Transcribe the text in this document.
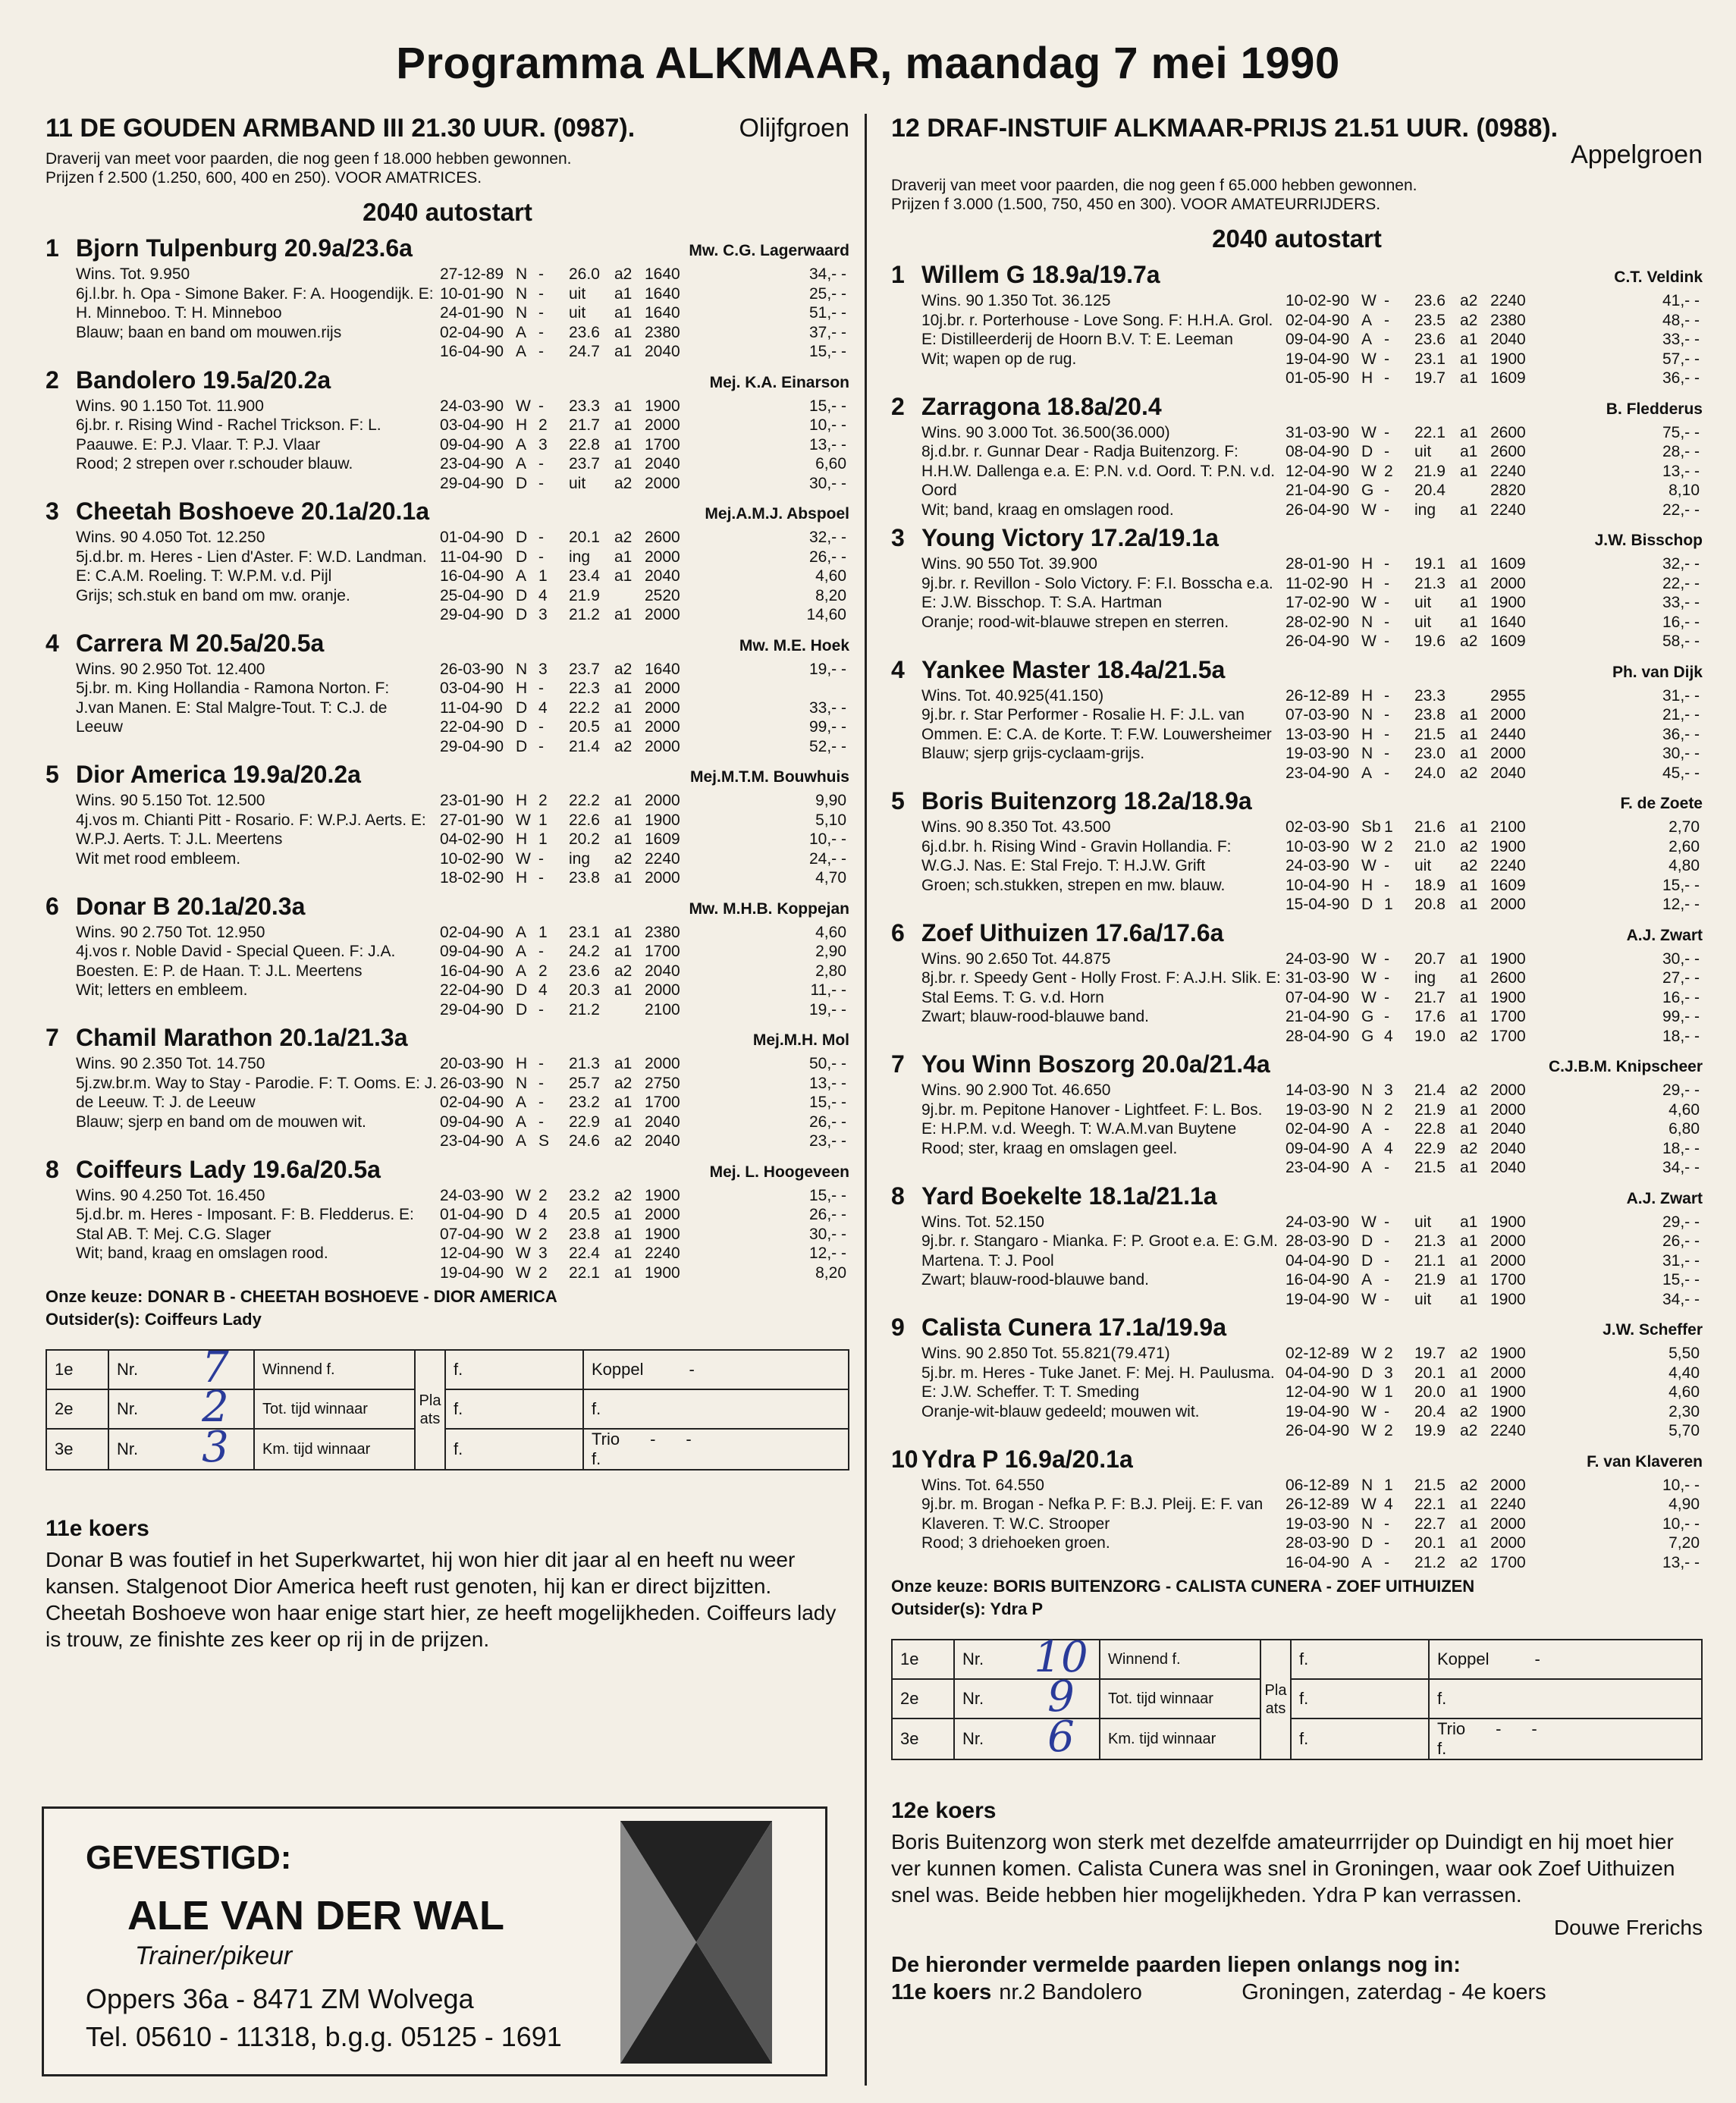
Programma ALKMAAR, maandag 7 mei 1990
11 DE GOUDEN ARMBAND III 21.30 UUR. (0987).	Olijfgroen
Draverij van meet voor paarden, die nog geen f 18.000 hebben gewonnen.
Prijzen f 2.500 (1.250, 600, 400 en 250). VOOR AMATRICES.
2040 autostart
1 Bjorn Tulpenburg 20.9a/23.6a	Mw. C.G. Lagerwaard
Wins. Tot. 9.950
6j.l.br. h. Opa - Simone Baker. F: A. Hoogendijk. E:
H. Minneboo. T: H. Minneboo
Blauw; baan en band om mouwen.rijs
27-12-89 N -	26.0 a2 1640	34,- -
10-01-90 N -	uit	a1 1640	25,- -
24-01-90 N -	uit	a1 1640	51,- -
02-04-90 A -	23.6 a1 2380	37,- -
16-04-90 A -	24.7 a1 2040	15,- -
2 Bandolero 19.5a/20.2a	Mej. K.A. Einarson
Wins. 90 1.150 Tot. 11.900
6j.br. r. Rising Wind - Rachel Trickson. F: L.
Paauwe. E: P.J. Vlaar. T: P.J. Vlaar
Rood; 2 strepen over r.schouder blauw.
24-03-90 W -	23.3 a1 1900	15,- -
03-04-90 H 2	21.7 a1 2000	10,- -
09-04-90 A 3	22.8 a1 1700	13,- -
23-04-90 A -	23.7 a1 2040	6,60
29-04-90 D -	uit	a2 2000	30,- -
3 Cheetah Boshoeve 20.1a/20.1a	Mej.A.M.J. Abspoel
Wins. 90 4.050 Tot. 12.250
5j.d.br. m. Heres - Lien d'Aster. F: W.D. Landman.
E: C.A.M. Roeling. T: W.P.M. v.d. Pijl
Grijs; sch.stuk en band om mw. oranje.
01-04-90 D -	20.1 a2 2600	32,- -
11-04-90 D -	ing	a1 2000	26,- -
16-04-90 A 1	23.4 a1 2040	4,60
25-04-90 D 4	21.9	2520	8,20
29-04-90 D 3	21.2 a1 2000	14,60
4 Carrera M 20.5a/20.5a	Mw. M.E. Hoek
Wins. 90 2.950 Tot. 12.400
5j.br. m. King Hollandia - Ramona Norton. F:
J.van Manen. E: Stal Malgre-Tout. T: C.J. de
Leeuw
26-03-90 N 3	23.7 a2 1640	19,- -
03-04-90 H -	22.3 a1 2000
11-04-90 D 4	22.2 a1 2000	33,- -
22-04-90 D -	20.5 a1 2000	99,- -
29-04-90 D -	21.4 a2 2000	52,- -
5 Dior America 19.9a/20.2a	Mej.M.T.M. Bouwhuis
Wins. 90 5.150 Tot. 12.500
4j.vos m. Chianti Pitt - Rosario. F: W.P.J. Aerts. E:
W.P.J. Aerts. T: J.L. Meertens
Wit met rood embleem.
23-01-90 H 2	22.2 a1 2000	9,90
27-01-90 W 1	22.6 a1 1900	5,10
04-02-90 H 1	20.2 a1 1609	10,- -
10-02-90 W -	ing	a2 2240	24,- -
18-02-90 H -	23.8 a1 2000	4,70
6 Donar B 20.1a/20.3a	Mw. M.H.B. Koppejan
Wins. 90 2.750 Tot. 12.950
4j.vos r. Noble David - Special Queen. F: J.A.
Boesten. E: P. de Haan. T: J.L. Meertens
Wit; letters en embleem.
02-04-90 A 1	23.1 a1 2380	4,60
09-04-90 A -	24.2 a1 1700	2,90
16-04-90 A 2	23.6 a2 2040	2,80
22-04-90 D 4	20.3 a1 2000	11,- -
29-04-90 D -	21.2	2100	19,- -
7 Chamil Marathon 20.1a/21.3a	Mej.M.H. Mol
Wins. 90 2.350 Tot. 14.750
5j.zw.br.m. Way to Stay - Parodie. F: T. Ooms. E: J.
de Leeuw. T: J. de Leeuw
Blauw; sjerp en band om de mouwen wit.
20-03-90 H -	21.3 a1 2000	50,- -
26-03-90 N -	25.7 a2 2750	13,- -
02-04-90 A -	23.2 a1 1700	15,- -
09-04-90 A -	22.9 a1 2040	26,- -
23-04-90 A S	24.6 a2 2040	23,- -
8 Coiffeurs Lady 19.6a/20.5a	Mej. L. Hoogeveen
Wins. 90 4.250 Tot. 16.450
5j.d.br. m. Heres - Imposant. F: B. Fledderus. E:
Stal AB. T: Mej. C.G. Slager
Wit; band, kraag en omslagen rood.
24-03-90 W 2	23.2 a2 1900	15,- -
01-04-90 D 4	20.5 a1 2000	26,- -
07-04-90 W 2	23.8 a1 1900	30,- -
12-04-90 W 3	22.4 a1 2240	12,- -
19-04-90 W 2	22.1 a1 1900	8,20
Onze keuze: DONAR B - CHEETAH BOSHOEVE - DIOR AMERICA
Outsider(s): Coiffeurs Lady
1e	Nr.	7	Winnend f.	Plaats	f.	Koppel -
2e	Nr.	2	Tot. tijd winnaar		f.	f.
3e	Nr.	3	Km. tijd winnaar		f.	Trio - -
f.
11e koers

Donar B was foutief in het Superkwartet, hij won hier dit jaar al en heeft nu weer kansen. Stalgenoot Dior America heeft rust genoten, hij kan er direct bijzitten. Cheetah Boshoeve won haar enige start hier, ze heeft mogelijkheden. Coiffeurs lady is trouw, ze finishte zes keer op rij in de prijzen.

12 DRAF-INSTUIF ALKMAAR-PRIJS 21.51 UUR. (0988).
Appelgroen
Draverij van meet voor paarden, die nog geen f 65.000 hebben gewonnen.
Prijzen f 3.000 (1.500, 750, 450 en 300). VOOR AMATEURRIJDERS.
2040 autostart
1 Willem G 18.9a/19.7a	C.T. Veldink
Wins. 90 1.350 Tot. 36.125
10j.br. r. Porterhouse - Love Song. F: H.H.A. Grol.
E: Distilleerderij de Hoorn B.V. T: E. Leeman
Wit; wapen op de rug.
10-02-90 W -	23.6 a2 2240	41,- -
02-04-90 A -	23.5 a2 2380	48,- -
09-04-90 A -	23.6 a1 2040	33,- -
19-04-90 W -	23.1 a1 1900	57,- -
01-05-90 H -	19.7 a1 1609	36,- -
2 Zarragona 18.8a/20.4	B. Fledderus
Wins. 90 3.000 Tot. 36.500(36.000)
8j.d.br. r. Gunnar Dear - Radja Buitenzorg. F:
H.H.W. Dallenga e.a. E: P.N. v.d. Oord. T: P.N. v.d.
Oord
Wit; band, kraag en omslagen rood.
31-03-90 W -	22.1 a1 2600	75,- -
08-04-90 D -	uit	a1 2600	28,- -
12-04-90 W 2	21.9 a1 2240	13,- -
21-04-90 G -	20.4	2820	8,10
26-04-90 W -	ing	a1 2240	22,- -
3 Young Victory 17.2a/19.1a	J.W. Bisschop
Wins. 90 550 Tot. 39.900
9j.br. r. Revillon - Solo Victory. F: F.I. Bosscha e.a.
E: J.W. Bisschop. T: S.A. Hartman
Oranje; rood-wit-blauwe strepen en sterren.
28-01-90 H -	19.1 a1 1609	32,- -
11-02-90 H -	21.3 a1 2000	22,- -
17-02-90 W -	uit	a1 1900	33,- -
28-02-90 N -	uit	a1 1640	16,- -
26-04-90 W -	19.6 a2 1609	58,- -
4 Yankee Master 18.4a/21.5a	Ph. van Dijk
Wins. Tot. 40.925(41.150)
9j.br. r. Star Performer - Rosalie H. F: J.L. van
Ommen. E: C.A. de Korte. T: F.W. Louwersheimer
Blauw; sjerp grijs-cyclaam-grijs.
26-12-89 H -	23.3	2955	31,- -
07-03-90 N -	23.8 a1 2000	21,- -
13-03-90 H -	21.5 a1 2440	36,- -
19-03-90 N -	23.0 a1 2000	30,- -
23-04-90 A -	24.0 a2 2040	45,- -
5 Boris Buitenzorg 18.2a/18.9a	F. de Zoete
Wins. 90 8.350 Tot. 43.500
6j.d.br. h. Rising Wind - Gravin Hollandia. F:
W.G.J. Nas. E: Stal Frejo. T: H.J.W. Grift
Groen; sch.stukken, strepen en mw. blauw.
02-03-90 Sb 1	21.6 a1 2100	2,70
10-03-90 W 2	21.0 a2 1900	2,60
24-03-90 W -	uit	a2 2240	4,80
10-04-90 H -	18.9 a1 1609	15,- -
15-04-90 D 1	20.8 a1 2000	12,- -
6 Zoef Uithuizen 17.6a/17.6a	A.J. Zwart
Wins. 90 2.650 Tot. 44.875
8j.br. r. Speedy Gent - Holly Frost. F: A.J.H. Slik. E:
Stal Eems. T: G. v.d. Horn
Zwart; blauw-rood-blauwe band.
24-03-90 W -	20.7 a1 1900	30,- -
31-03-90 W -	ing	a1 2600	27,- -
07-04-90 W -	21.7 a1 1900	16,- -
21-04-90 G -	17.6 a1 1700	99,- -
28-04-90 G 4	19.0 a2 1700	18,- -
7 You Winn Boszorg 20.0a/21.4a	C.J.B.M. Knipscheer
Wins. 90 2.900 Tot. 46.650
9j.br. m. Pepitone Hanover - Lightfeet. F: L. Bos.
E: H.P.M. v.d. Weegh. T: W.A.M.van Buytene
Rood; ster, kraag en omslagen geel.
14-03-90 N 3	21.4 a2 2000	29,- -
19-03-90 N 2	21.9 a1 2000	4,60
02-04-90 A -	22.8 a1 2040	6,80
09-04-90 A 4	22.9 a2 2040	18,- -
23-04-90 A -	21.5 a1 2040	34,- -
8 Yard Boekelte 18.1a/21.1a	A.J. Zwart
Wins. Tot. 52.150
9j.br. r. Stangaro - Mianka. F: P. Groot e.a. E: G.M.
Martena. T: J. Pool
Zwart; blauw-rood-blauwe band.
24-03-90 W -	uit	a1 1900	29,- -
28-03-90 D -	21.3 a1 2000	26,- -
04-04-90 D -	21.1 a1 2000	31,- -
16-04-90 A -	21.9 a1 1700	15,- -
19-04-90 W -	uit	a1 1900	34,- -
9 Calista Cunera 17.1a/19.9a	J.W. Scheffer
Wins. 90 2.850 Tot. 55.821(79.471)
5j.br. m. Heres - Tuke Janet. F: Mej. H. Paulusma.
E: J.W. Scheffer. T: T. Smeding
Oranje-wit-blauw gedeeld; mouwen wit.
02-12-89 W 2	19.7 a2 1900	5,50
04-04-90 D 3	20.1 a1 2000	4,40
12-04-90 W 1	20.0 a1 1900	4,60
19-04-90 W -	20.4 a2 1900	2,30
26-04-90 W 2	19.9 a2 2240	5,70
10 Ydra P 16.9a/20.1a	F. van Klaveren
Wins. Tot. 64.550
9j.br. m. Brogan - Nefka P. F: B.J. Pleij. E: F. van
Klaveren. T: W.C. Strooper
Rood; 3 driehoeken groen.
06-12-89 N 1	21.5 a2 2000	10,- -
26-12-89 W 4	22.1 a1 2240	4,90
19-03-90 N -	22.7 a1 2000	10,- -
28-03-90 D -	20.1 a1 2000	7,20
16-04-90 A -	21.2 a2 1700	13,- -
Onze keuze: BORIS BUITENZORG - CALISTA CUNERA - ZOEF UITHUIZEN
Outsider(s): Ydra P
1e	Nr.	10	Winnend f.	Plaats	f.	Koppel -
2e	Nr.	9	Tot. tijd winnaar		f.	f.
3e	Nr.	6	Km. tijd winnaar		f.	Trio - -
f.
12e koers

Boris Buitenzorg won sterk met dezelfde amateurrrijder op Duindigt en hij moet hier ver kunnen komen. Calista Cunera was snel in Groningen, waar ook Zoef Uithuizen snel was. Beide hebben hier mogelijkheden. Ydra P kan verrassen.

Douwe Frerichs

De hieronder vermelde paarden liepen onlangs nog in:
11e koers nr.2 Bandolero	Groningen, zaterdag - 4e koers
GEVESTIGD:
ALE VAN DER WAL
Trainer/pikeur
Oppers 36a - 8471 ZM Wolvega
Tel. 05610 - 11318, b.g.g. 05125 - 1691
